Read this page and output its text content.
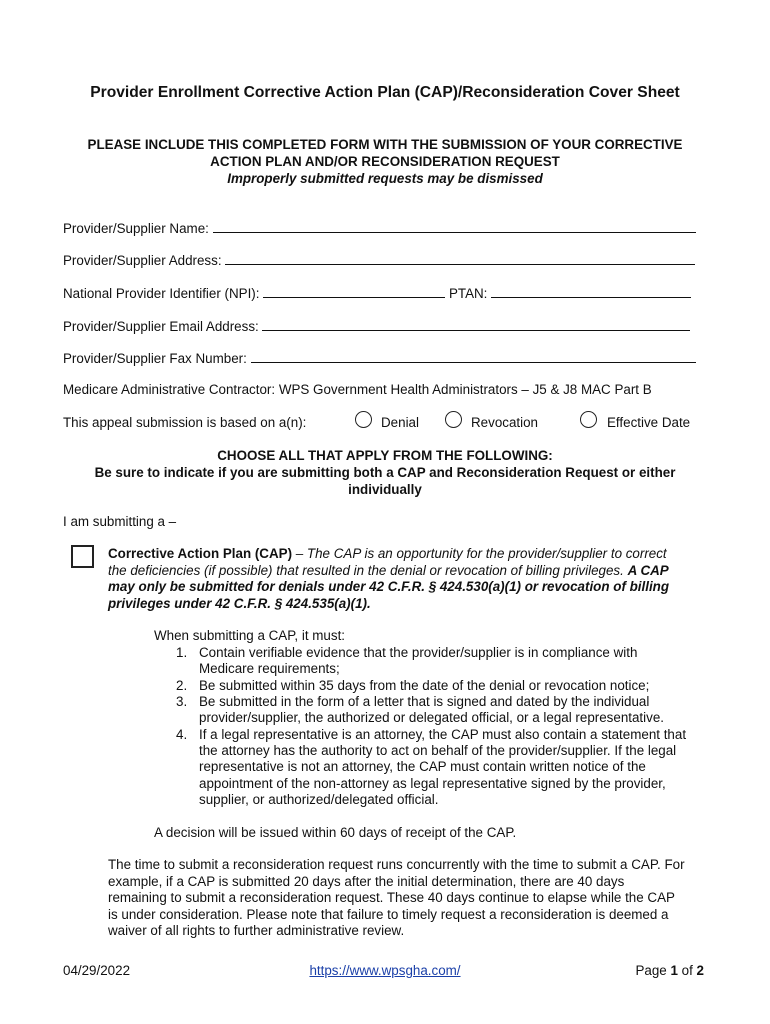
Provider Enrollment Corrective Action Plan (CAP)/Reconsideration Cover Sheet
PLEASE INCLUDE THIS COMPLETED FORM WITH THE SUBMISSION OF YOUR CORRECTIVE
ACTION PLAN AND/OR RECONSIDERATION REQUEST
Improperly submitted requests may be dismissed
Provider/Supplier Name:
Provider/Supplier Address:
National Provider Identifier (NPI):	PTAN:
Provider/Supplier Email Address:
Provider/Supplier Fax Number:
Medicare Administrative Contractor: WPS Government Health Administrators – J5 & J8 MAC Part B
This appeal submission is based on a(n):	Denial	Revocation	Effective Date
CHOOSE ALL THAT APPLY FROM THE FOLLOWING:
Be sure to indicate if you are submitting both a CAP and Reconsideration Request or either
individually
I am submitting a –
Corrective Action Plan (CAP) – The CAP is an opportunity for the provider/supplier to correct
the deficiencies (if possible) that resulted in the denial or revocation of billing privileges. A CAP
may only be submitted for denials under 42 C.F.R. § 424.530(a)(1) or revocation of billing
privileges under 42 C.F.R. § 424.535(a)(1).
When submitting a CAP, it must:
1. Contain verifiable evidence that the provider/supplier is in compliance with
Medicare requirements;
2. Be submitted within 35 days from the date of the denial or revocation notice;
3. Be submitted in the form of a letter that is signed and dated by the individual
provider/supplier, the authorized or delegated official, or a legal representative.
4. If a legal representative is an attorney, the CAP must also contain a statement that
the attorney has the authority to act on behalf of the provider/supplier. If the legal
representative is not an attorney, the CAP must contain written notice of the
appointment of the non-attorney as legal representative signed by the provider,
supplier, or authorized/delegated official.
A decision will be issued within 60 days of receipt of the CAP.
The time to submit a reconsideration request runs concurrently with the time to submit a CAP. For
example, if a CAP is submitted 20 days after the initial determination, there are 40 days
remaining to submit a reconsideration request. These 40 days continue to elapse while the CAP
is under consideration. Please note that failure to timely request a reconsideration is deemed a
waiver of all rights to further administrative review.
04/29/2022	https://www.wpsgha.com/	Page 1 of 2
